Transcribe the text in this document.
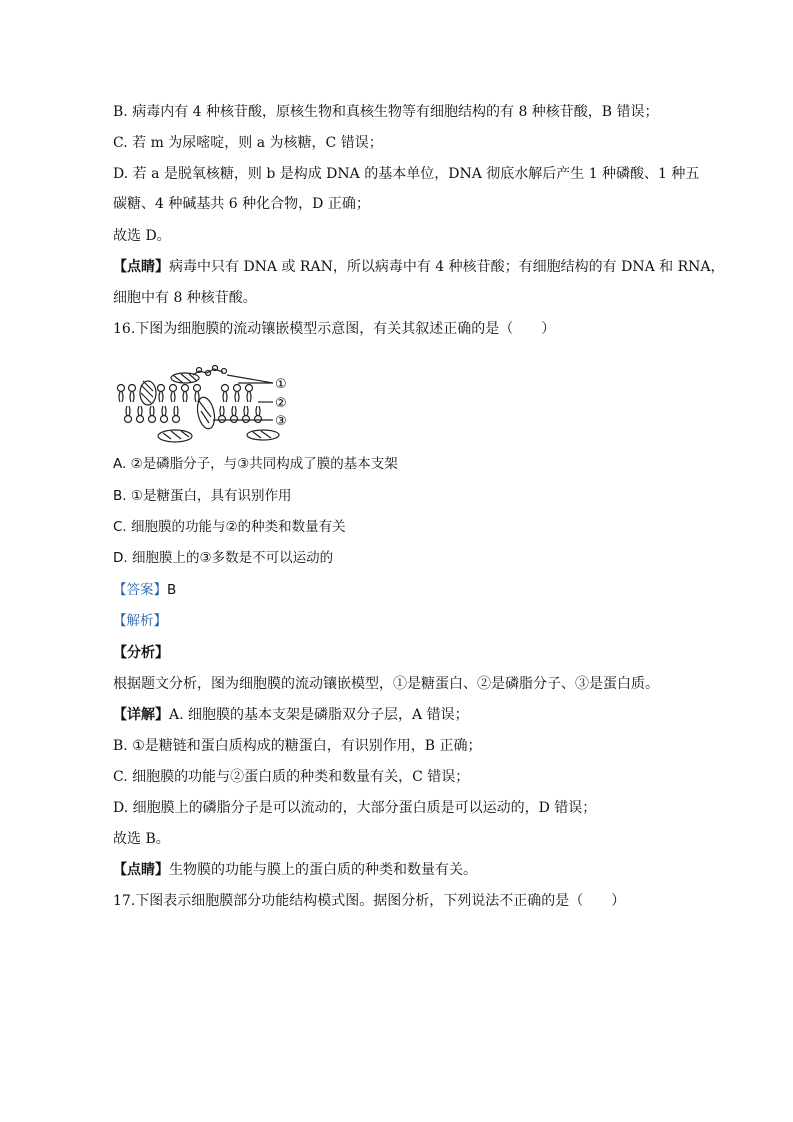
B. 病毒内有 4 种核苷酸，原核生物和真核生物等有细胞结构的有 8 种核苷酸，B 错误；
C. 若 m 为尿嘧啶，则 a 为核糖，C 错误；
D. 若 a 是脱氧核糖，则 b 是构成 DNA 的基本单位，DNA 彻底水解后产生 1 种磷酸、1 种五
碳糖、4 种碱基共 6 种化合物，D 正确；
故选 D。
【点睛】病毒中只有 DNA 或 RAN，所以病毒中有 4 种核苷酸；有细胞结构的有 DNA 和 RNA，
细胞中有 8 种核苷酸。
16.下图为细胞膜的流动镶嵌模型示意图，有关其叙述正确的是（　　）
①
②
③
A. ②是磷脂分子，与③共同构成了膜的基本支架
B. ①是糖蛋白，具有识别作用
C. 细胞膜的功能与②的种类和数量有关
D. 细胞膜上的③多数是不可以运动的
【答案】B
【解析】
【分析】
根据题文分析，图为细胞膜的流动镶嵌模型，①是糖蛋白、②是磷脂分子、③是蛋白质。
【详解】A. 细胞膜的基本支架是磷脂双分子层，A 错误；
B. ①是糖链和蛋白质构成的糖蛋白，有识别作用，B 正确；
C. 细胞膜的功能与②蛋白质的种类和数量有关，C 错误；
D. 细胞膜上的磷脂分子是可以流动的，大部分蛋白质是可以运动的，D 错误；
故选 B。
【点睛】生物膜的功能与膜上的蛋白质的种类和数量有关。
17.下图表示细胞膜部分功能结构模式图。据图分析，下列说法不正确的是（　　）
